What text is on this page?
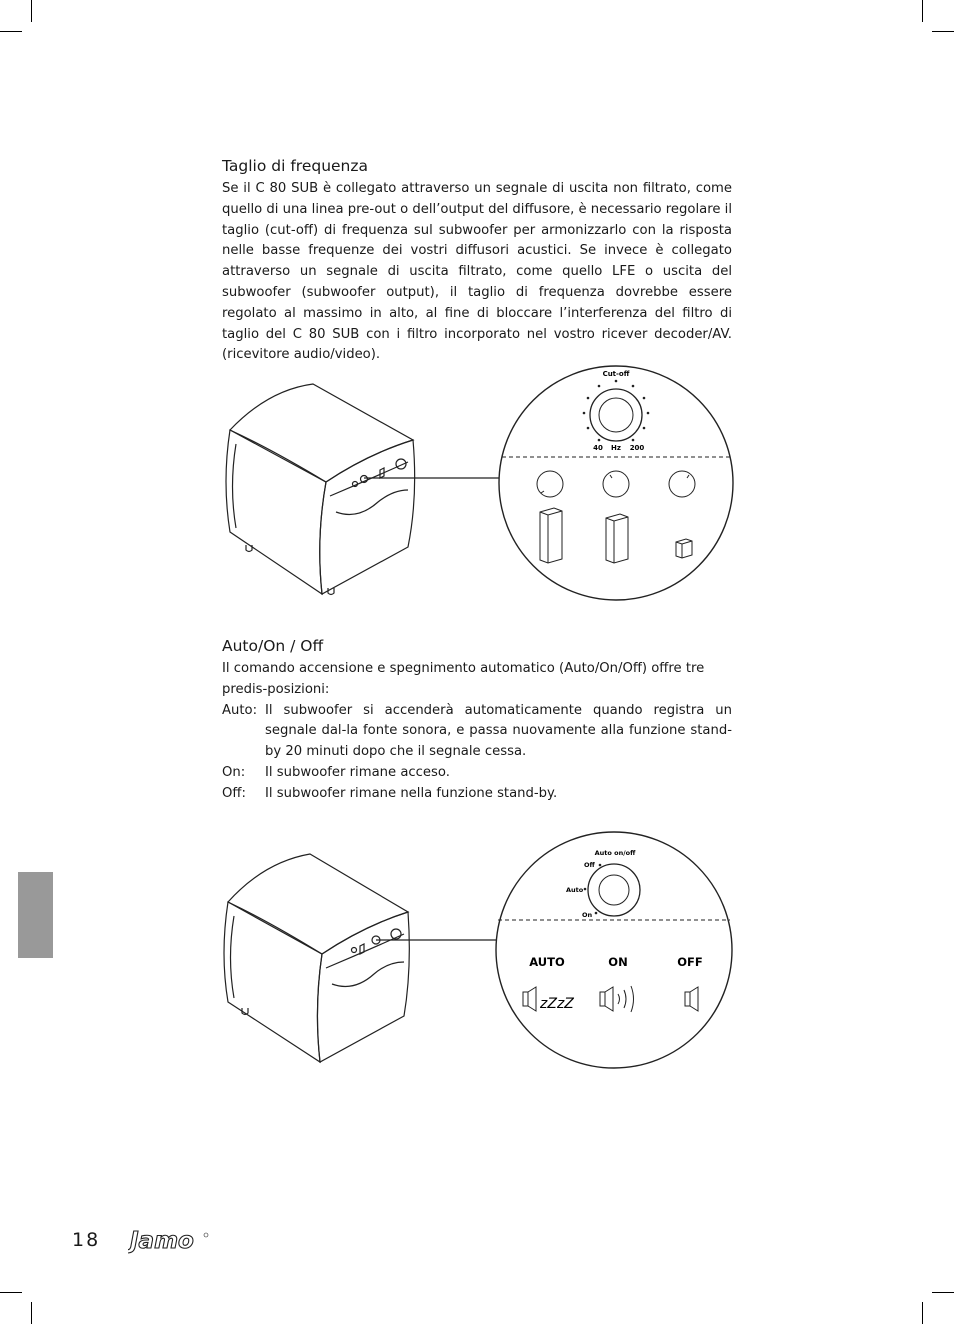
Taglio di frequenza

Se il C 80 SUB è collegato attraverso un segnale di uscita non filtrato, come quello di una linea pre-out o dell’output del diffusore, è necessario regolare il taglio (cut-off) di frequenza sul subwoofer per armonizzarlo con la risposta nelle basse frequenze dei vostri diffusori acustici. Se invece è collegato attraverso un segnale di uscita filtrato, come quello LFE o uscita del subwoofer (subwoofer output), il taglio di frequenza dovrebbe essere regolato al massimo in alto, al fine di bloccare l’interferenza del filtro di taglio del C 80 SUB con i filtro incorporato nel vostro ricever decoder/AV. (ricevitore audio/video).

Cut-off
40 Hz 200
Auto/On / Off

Il comando accensione e spegnimento automatico (Auto/On/Off) offre tre predis-posizioni:

Auto: Il subwoofer si accenderà automaticamente quando registra un segnale dal-la fonte sonora, e passa nuovamente alla funzione stand-by 20 minuti dopo che il segnale cessa.
On:	Il subwoofer rimane acceso.
Off:	Il subwoofer rimane nella funzione stand-by.
Auto on/off
Off
Auto
On
AUTO	ON	OFF
zZzZ
18 Jamo
